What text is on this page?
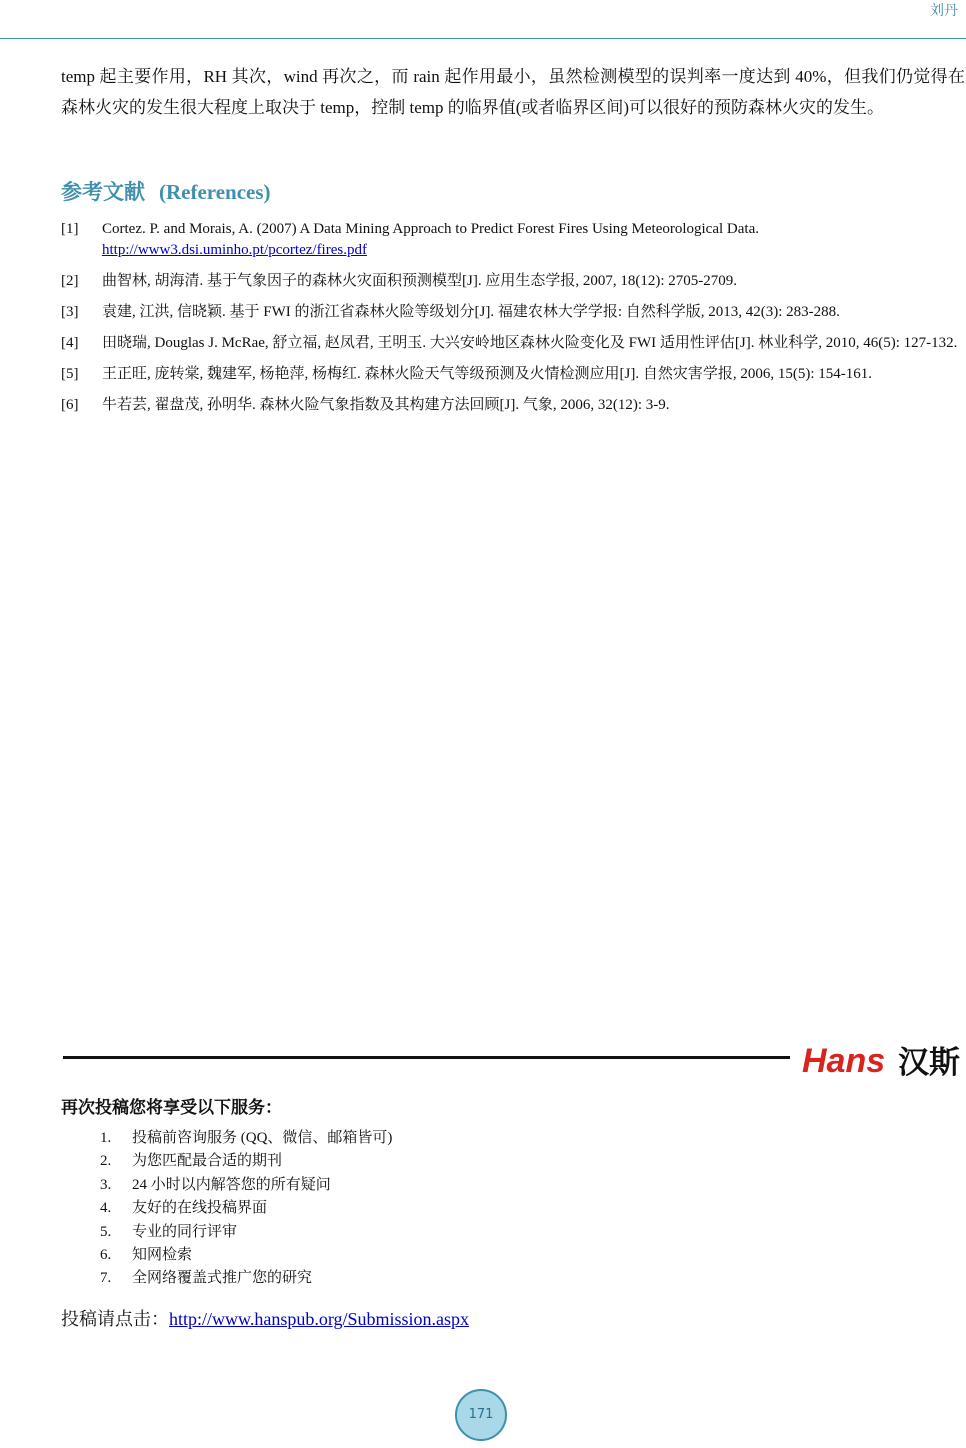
刘丹

temp 起主要作用，RH 其次，wind 再次之，而 rain 起作用最小，虽然检测模型的误判率一度达到 40%，但我们仍觉得在森林火灾的发生很大程度上取决于 temp，控制 temp 的临界值(或者临界区间)可以很好的预防森林火灾的发生。

参考文献 (References)
[1] Cortez. P. and Morais, A. (2007) A Data Mining Approach to Predict Forest Fires Using Meteorological Data.
http://www3.dsi.uminho.pt/pcortez/fires.pdf
[2] 曲智林, 胡海清. 基于气象因子的森林火灾面积预测模型[J]. 应用生态学报, 2007, 18(12): 2705-2709.
[3] 袁建, 江洪, 信晓颖. 基于 FWI 的浙江省森林火险等级划分[J]. 福建农林大学学报: 自然科学版, 2013, 42(3): 283-288.
[4] 田晓瑞, Douglas J. McRae, 舒立福, 赵凤君, 王明玉. 大兴安岭地区森林火险变化及 FWI 适用性评估[J]. 林业科学, 2010, 46(5): 127-132.
[5] 王正旺, 庞转棠, 魏建军, 杨艳萍, 杨梅红. 森林火险天气等级预测及火情检测应用[J]. 自然灾害学报, 2006, 15(5): 154-161.
[6] 牛若芸, 翟盘茂, 孙明华. 森林火险气象指数及其构建方法回顾[J]. 气象, 2006, 32(12): 3-9.
Hans 汉斯
再次投稿您将享受以下服务：
1. 投稿前咨询服务 (QQ、微信、邮箱皆可)
2. 为您匹配最合适的期刊
3. 24 小时以内解答您的所有疑问
4. 友好的在线投稿界面
5. 专业的同行评审
6. 知网检索
7. 全网络覆盖式推广您的研究

投稿请点击：http://www.hanspub.org/Submission.aspx

171
